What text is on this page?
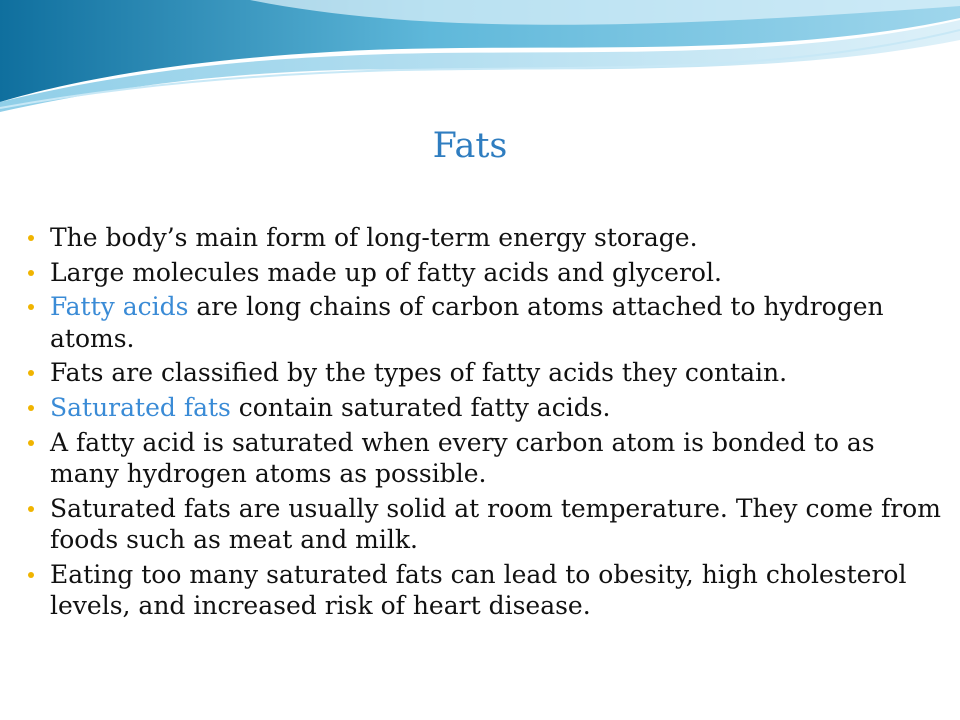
Fats
The body’s main form of long-term energy storage.
Large molecules made up of fatty acids and glycerol.
Fatty acids are long chains of carbon atoms attached to hydrogen atoms.
Fats are classified by the types of fatty acids they contain.
Saturated fats contain saturated fatty acids.
A fatty acid is saturated when every carbon atom is bonded to as many hydrogen atoms as possible.
Saturated fats are usually solid at room temperature. They come from foods such as meat and milk.
Eating too many saturated fats can lead to obesity, high cholesterol levels, and increased risk of heart disease.
